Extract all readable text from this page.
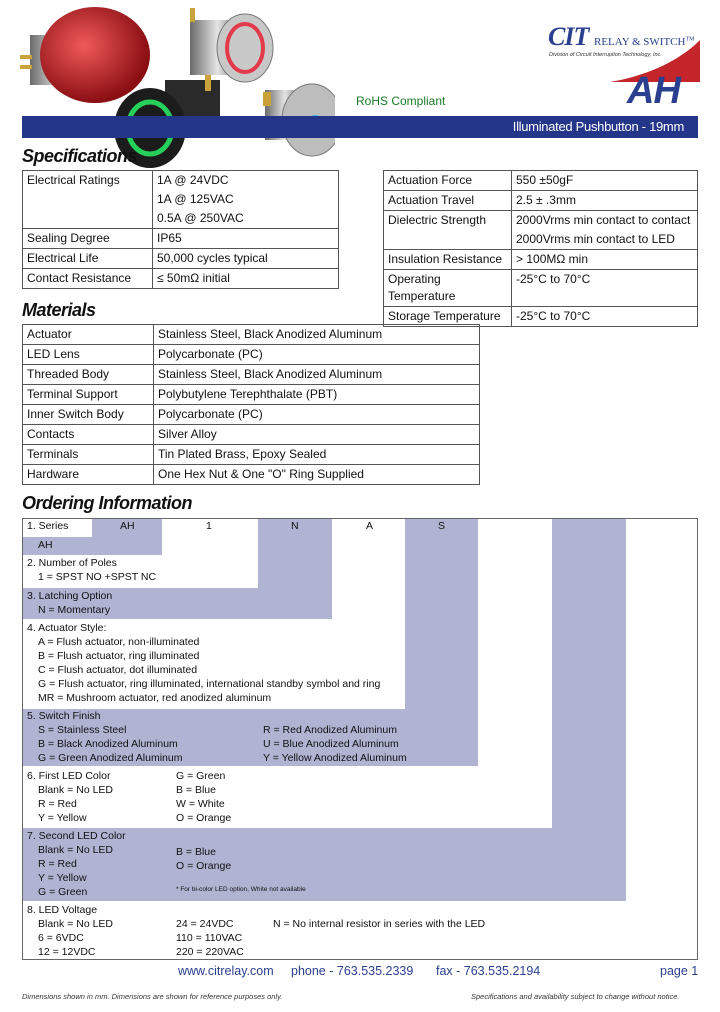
CIT RELAY & SWITCH™
Division of Circuit Interruption Technology, Inc.
AH
RoHS Compliant
Illuminated Pushbutton - 19mm
Specifications
Electrical Ratings	1A @ 24VDC
	1A @ 125VAC
	0.5A @ 250VAC
Sealing Degree	IP65
Electrical Life	50,000 cycles typical
Contact Resistance	≤ 50mΩ initial
Actuation Force	550 ±50gF
Actuation Travel	2.5 ± .3mm
Dielectric Strength	2000Vrms min contact to contact
	2000Vrms min contact to LED
Insulation Resistance	> 100MΩ min
Operating Temperature	-25°C to 70°C
Storage Temperature	-25°C to 70°C
Materials
Actuator	Stainless Steel, Black Anodized Aluminum
LED Lens	Polycarbonate (PC)
Threaded Body	Stainless Steel, Black Anodized Aluminum
Terminal Support	Polybutylene Terephthalate (PBT)
Inner Switch Body	Polycarbonate (PC)
Contacts	Silver Alloy
Terminals	Tin Plated Brass, Epoxy Sealed
Hardware	One Hex Nut & One "O" Ring Supplied
Ordering Information
1. Series	AH	1	N	A	S
AH
2. Number of Poles
1 = SPST NO +SPST NC
3. Latching Option
N = Momentary
4. Actuator Style:
A = Flush actuator, non-illuminated
B = Flush actuator, ring illuminated
C = Flush actuator, dot illuminated
G = Flush actuator, ring illuminated, international standby symbol and ring
MR = Mushroom actuator, red anodized aluminum
5. Switch Finish
S = Stainless Steel
B = Black Anodized Aluminum
G = Green Anodized Aluminum
R = Red Anodized Aluminum
U = Blue Anodized Aluminum
Y = Yellow Anodized Aluminum
6. First LED Color
Blank = No LED
R = Red
Y = Yellow
G = Green
B = Blue
W = White
O = Orange
7. Second LED Color
Blank = No LED
R = Red
Y = Yellow
G = Green
B = Blue
O = Orange
* For bi-color LED option, White not available
8. LED Voltage
Blank = No LED
6 = 6VDC
12 = 12VDC
24 = 24VDC
110 = 110VAC
220 = 220VAC
N = No internal resistor in series with the LED
www.citrelay.com phone - 763.535.2339 fax - 763.535.2194	page 1
Dimensions shown in mm. Dimensions are shown for reference purposes only.	Specifications and availability subject to change without notice.
